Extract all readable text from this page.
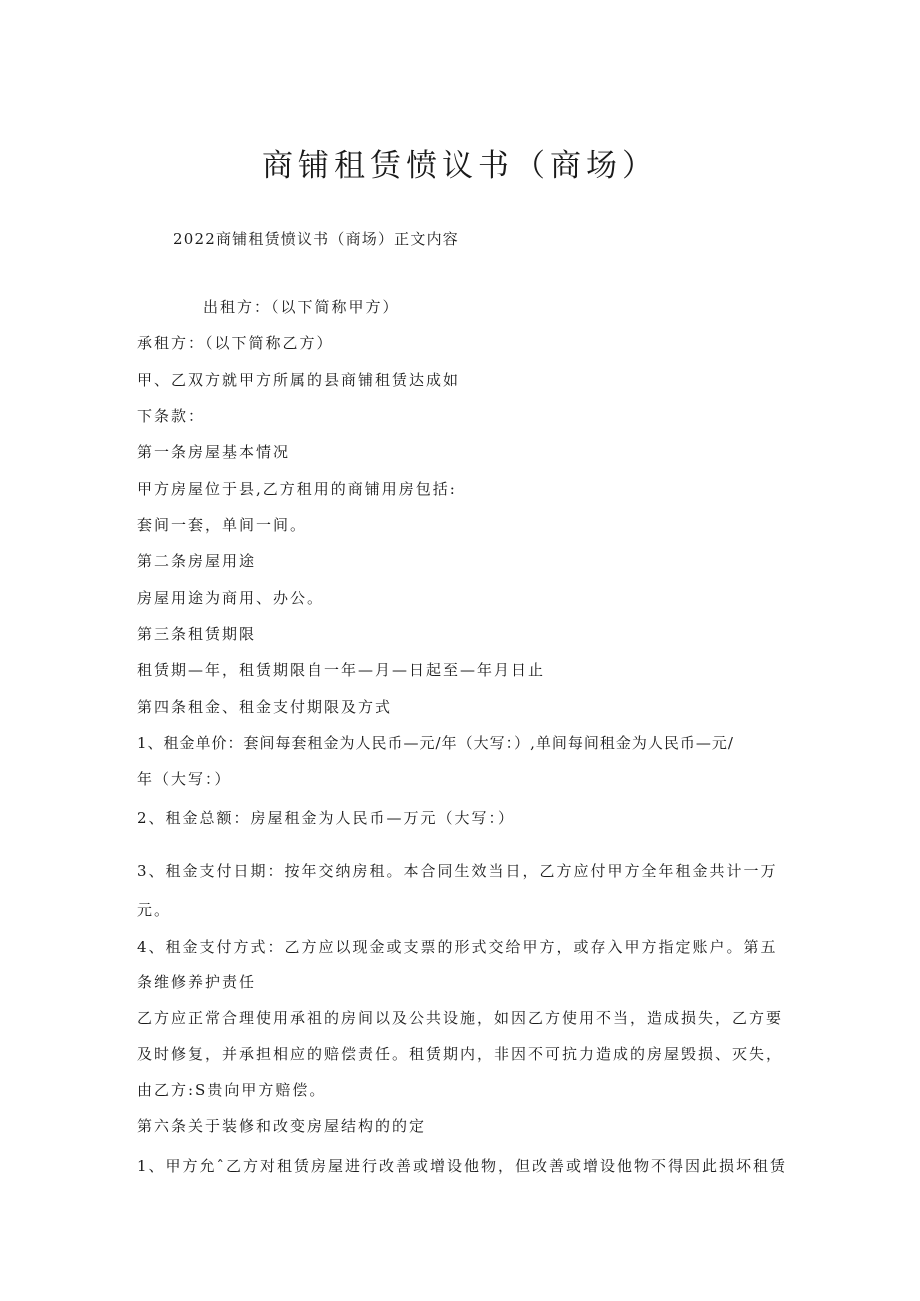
商铺租赁愤议书（商场）

2022商铺租赁愤议书（商场）正文内容

出租方：（以下简称甲方）

承租方：（以下简称乙方）

甲、乙双方就甲方所属的县商铺租赁达成如

下条款：

第一条房屋基本情况

甲方房屋位于县,乙方租用的商铺用房包括:

套间一套，单间一间。

第二条房屋用途

房屋用途为商用、办公。

第三条租赁期限

租赁期—年，租赁期限自一年—月—日起至—年月日止

第四条租金、租金支付期限及方式

1、租金单价：套间每套租金为人民币—元/年（大写：）,单间每间租金为人民币—元/

年（大写：）

2、租金总额：房屋租金为人民币—万元（大写：）

3、租金支付日期：按年交纳房租。本合同生效当日，乙方应付甲方全年租金共计一万

元。

4、租金支付方式：乙方应以现金或支票的形式交给甲方，或存入甲方指定账户。第五

条维修养护责任

乙方应正常合理使用承祖的房间以及公共设施，如因乙方使用不当，造成损失，乙方要

及时修复，并承担相应的赔偿责任。租赁期内，非因不可抗力造成的房屋毁损、灭失，

由乙方:S贵向甲方赔偿。

第六条关于装修和改变房屋结构的的定

1、甲方允ˆ乙方对租赁房屋进行改善或增设他物，但改善或增设他物不得因此损坏租赁
